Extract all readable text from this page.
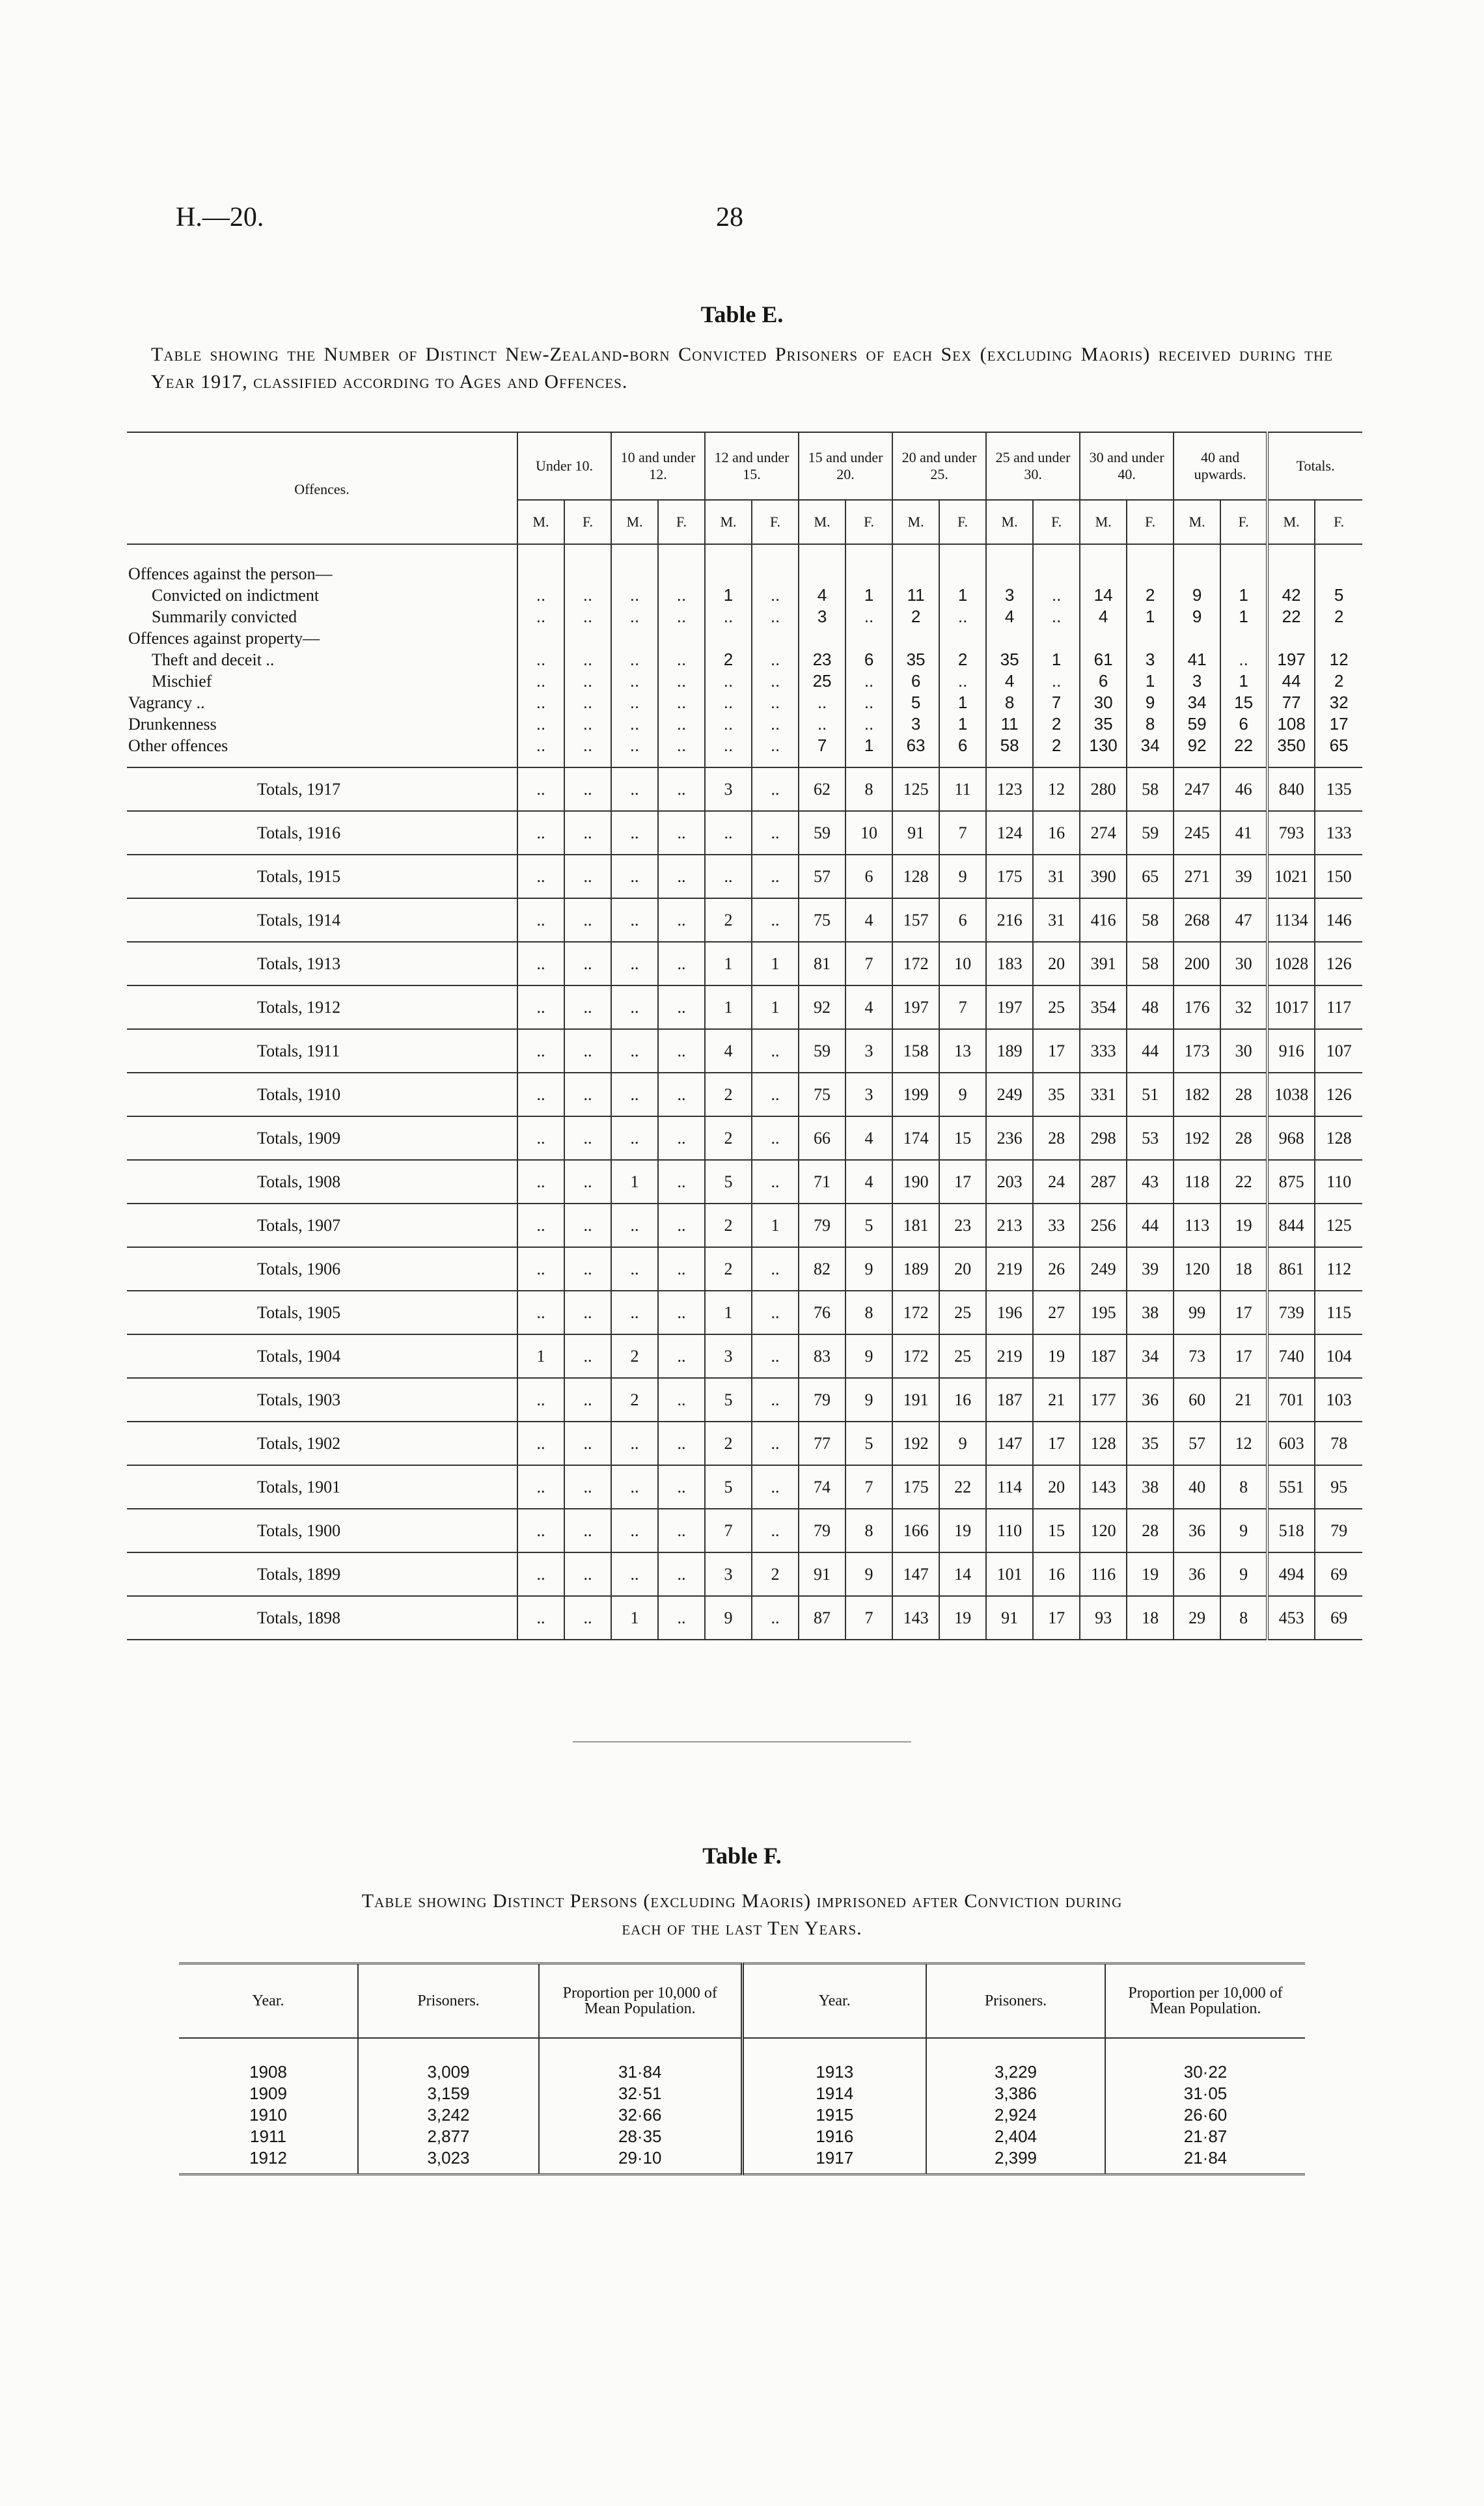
H.—20.	28
Table E.
Table showing the Number of Distinct New-Zealand-born Convicted Prisoners of each Sex (excluding Maoris) received during the Year 1917, classified according to Ages and Offences.
Offences.	Under 10.		10 and under 12.		12 and under 15.		15 and under 20.		20 and under 25.		25 and under 30.		30 and under 40.		40 and upwards.		Totals.	
	M.	F.	M.	F.	M.	F.	M.	F.	M.	F.	M.	F.	M.	F.	M.	F.	M.	F.

Offences against the person—																		
Convicted on indictment	..	..	..	..	1	..	4	1	11	1	3	..	14	2	9	1	42	5
Summarily convicted	..	..	..	..	..	..	3	..	2	..	4	..	4	1	9	1	22	2
Offences against property—																		
Theft and deceit ..	..	..	..	..	2	..	23	6	35	2	35	1	61	3	41	..	197	12
Mischief	..	..	..	..	..	..	25	..	6	..	4	..	6	1	3	1	44	2
Vagrancy ..	..	..	..	..	..	..	..	..	5	1	8	7	30	9	34	15	77	32
Drunkenness	..	..	..	..	..	..	..	..	3	1	11	2	35	8	59	6	108	17
Other offences	..	..	..	..	..	..	7	1	63	6	58	2	130	34	92	22	350	65

Totals, 1917	..	..	..	..	3	..	62	8	125	11	123	12	280	58	247	46	840	135
Totals, 1916	..	..	..	..	..	..	59	10	91	7	124	16	274	59	245	41	793	133
Totals, 1915	..	..	..	..	..	..	57	6	128	9	175	31	390	65	271	39	1021	150
Totals, 1914	..	..	..	..	2	..	75	4	157	6	216	31	416	58	268	47	1134	146
Totals, 1913	..	..	..	..	1	1	81	7	172	10	183	20	391	58	200	30	1028	126
Totals, 1912	..	..	..	..	1	1	92	4	197	7	197	25	354	48	176	32	1017	117
Totals, 1911	..	..	..	..	4	..	59	3	158	13	189	17	333	44	173	30	916	107
Totals, 1910	..	..	..	..	2	..	75	3	199	9	249	35	331	51	182	28	1038	126
Totals, 1909	..	..	..	..	2	..	66	4	174	15	236	28	298	53	192	28	968	128
Totals, 1908	..	..	1	..	5	..	71	4	190	17	203	24	287	43	118	22	875	110
Totals, 1907	..	..	..	..	2	1	79	5	181	23	213	33	256	44	113	19	844	125
Totals, 1906	..	..	..	..	2	..	82	9	189	20	219	26	249	39	120	18	861	112
Totals, 1905	..	..	..	..	1	..	76	8	172	25	196	27	195	38	99	17	739	115
Totals, 1904	1	..	2	..	3	..	83	9	172	25	219	19	187	34	73	17	740	104
Totals, 1903	..	..	2	..	5	..	79	9	191	16	187	21	177	36	60	21	701	103
Totals, 1902	..	..	..	..	2	..	77	5	192	9	147	17	128	35	57	12	603	78
Totals, 1901	..	..	..	..	5	..	74	7	175	22	114	20	143	38	40	8	551	95
Totals, 1900	..	..	..	..	7	..	79	8	166	19	110	15	120	28	36	9	518	79
Totals, 1899	..	..	..	..	3	2	91	9	147	14	101	16	116	19	36	9	494	69
Totals, 1898	..	..	1	..	9	..	87	7	143	19	91	17	93	18	29	8	453	69
Table F.
Table showing Distinct Persons (excluding Maoris) imprisoned after Conviction during
each of the last Ten Years.
Year.	Prisoners.	Proportion per 10,000 of Mean Population.	Year.	Prisoners.	Proportion per 10,000 of Mean Population.
1908	3,009	31·84	1913	3,229	30·22
1909	3,159	32·51	1914	3,386	31·05
1910	3,242	32·66	1915	2,924	26·60
1911	2,877	28·35	1916	2,404	21·87
1912	3,023	29·10	1917	2,399	21·84
